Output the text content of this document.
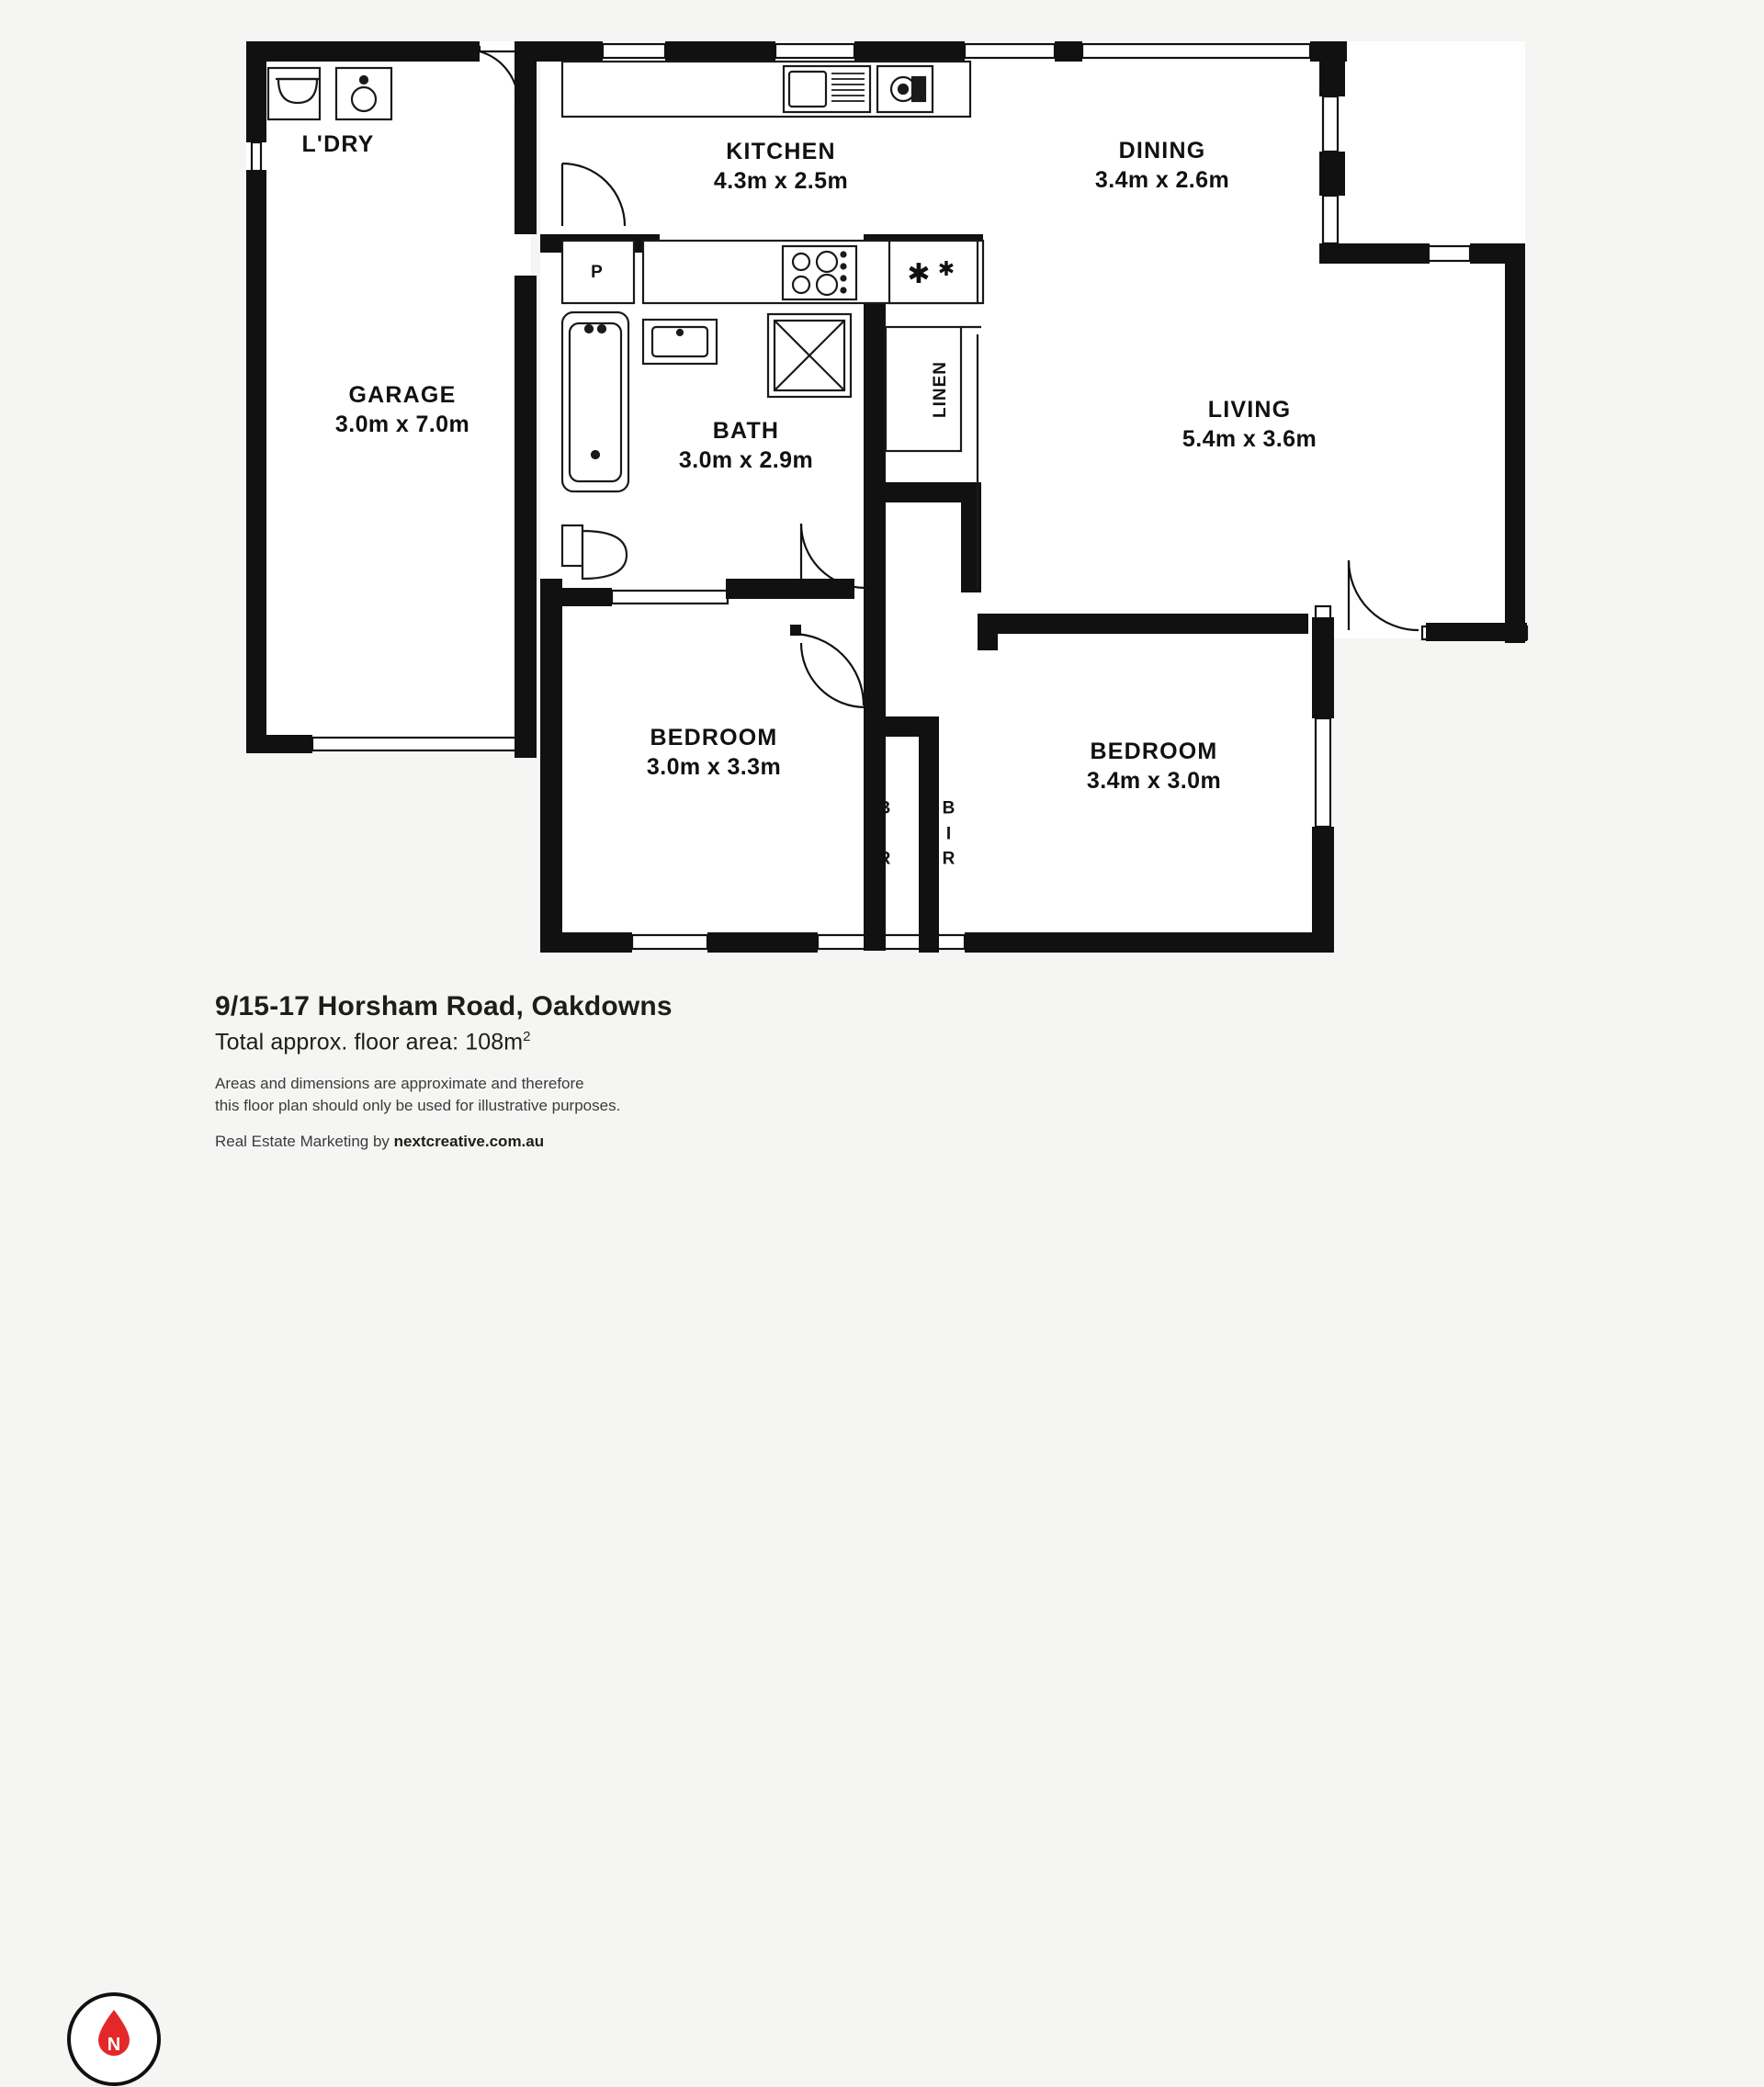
✱ ✱
L'DRY	KITCHEN
4.3m x 2.5m
DINING
3.4m x 2.6m
GARAGE
3.0m x 7.0m	BATH
3.0m x 2.9m
LIVING
5.4m x 3.6m
BEDROOM
3.0m x 3.3m
BEDROOM
3.4m x 3.0m
P
LINEN
B
I
R
B
I
R
N

9/15-17 Horsham Road, Oakdowns

Total approx. floor area: $108m^2$

Areas and dimensions are approximate and therefore
this floor plan should only be used for illustrative purposes.

Real Estate Marketing by nextcreative.com.au
